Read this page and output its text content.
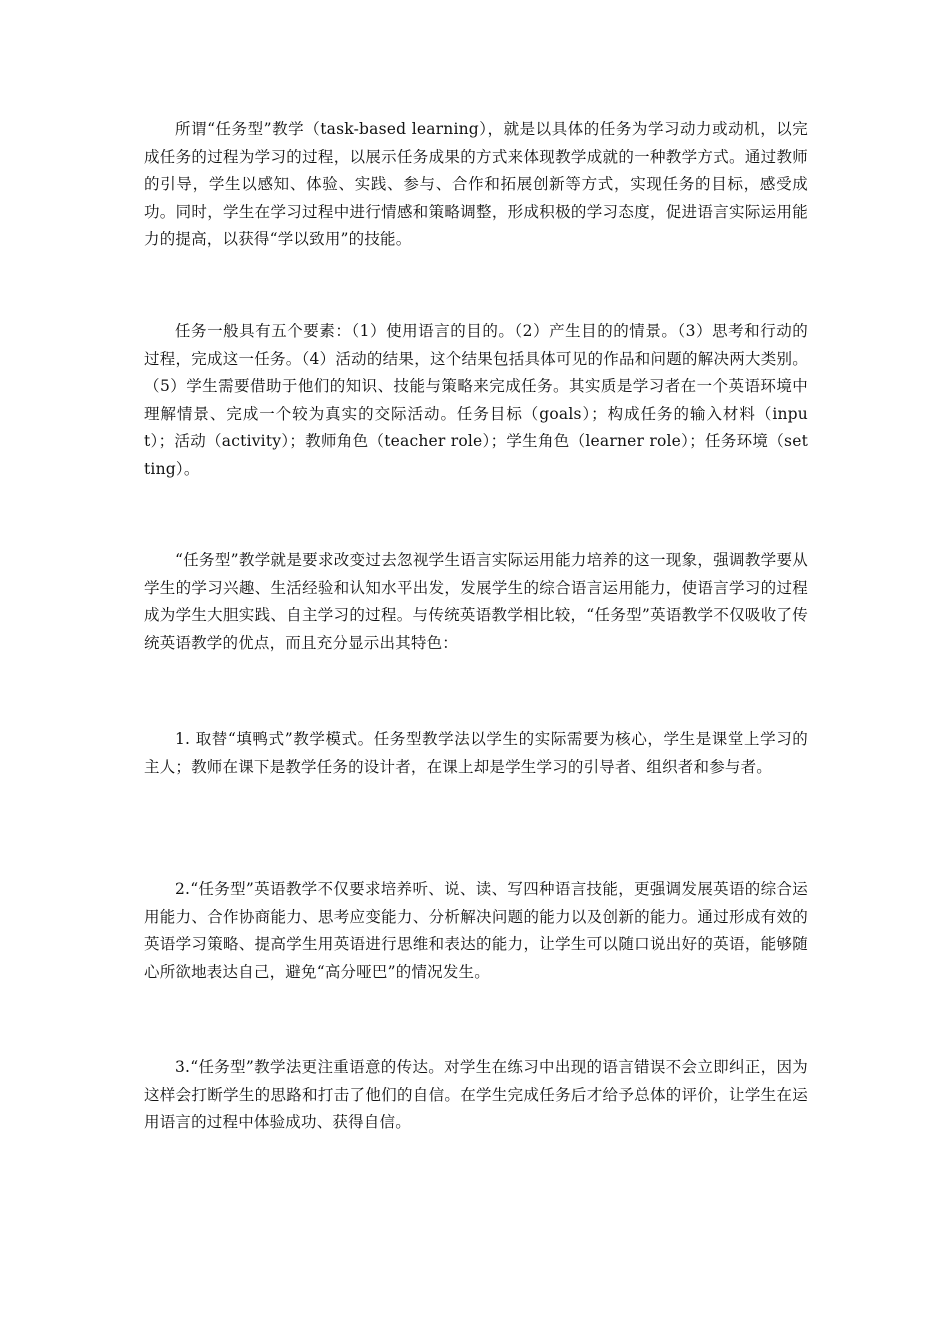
所谓“任务型”教学（task-based learning），就是以具体的任务为学习动力或动机，以完成任务的过程为学习的过程，以展示任务成果的方式来体现教学成就的一种教学方式。通过教师的引导，学生以感知、体验、实践、参与、合作和拓展创新等方式，实现任务的目标，感受成功。同时，学生在学习过程中进行情感和策略调整，形成积极的学习态度，促进语言实际运用能力的提高，以获得“学以致用”的技能。

任务一般具有五个要素：（1）使用语言的目的。（2）产生目的的情景。（3）思考和行动的过程，完成这一任务。（4）活动的结果，这个结果包括具体可见的作品和问题的解决两大类别。（5）学生需要借助于他们的知识、技能与策略来完成任务。其实质是学习者在一个英语环境中理解情景、完成一个较为真实的交际活动。任务目标（goals）；构成任务的输入材料（input）；活动（activity）；教师角色（teacher role）；学生角色（learner role）；任务环境（setting）。

“任务型”教学就是要求改变过去忽视学生语言实际运用能力培养的这一现象，强调教学要从学生的学习兴趣、生活经验和认知水平出发，发展学生的综合语言运用能力，使语言学习的过程成为学生大胆实践、自主学习的过程。与传统英语教学相比较，“任务型”英语教学不仅吸收了传统英语教学的优点，而且充分显示出其特色：

1. 取替“填鸭式”教学模式。任务型教学法以学生的实际需要为核心，学生是课堂上学习的主人；教师在课下是教学任务的设计者，在课上却是学生学习的引导者、组织者和参与者。

2.“任务型”英语教学不仅要求培养听、说、读、写四种语言技能，更强调发展英语的综合运用能力、合作协商能力、思考应变能力、分析解决问题的能力以及创新的能力。通过形成有效的英语学习策略、提高学生用英语进行思维和表达的能力，让学生可以随口说出好的英语，能够随心所欲地表达自己，避免“高分哑巴”的情况发生。

3.“任务型”教学法更注重语意的传达。对学生在练习中出现的语言错误不会立即纠正，因为这样会打断学生的思路和打击了他们的自信。在学生完成任务后才给予总体的评价，让学生在运用语言的过程中体验成功、获得自信。
